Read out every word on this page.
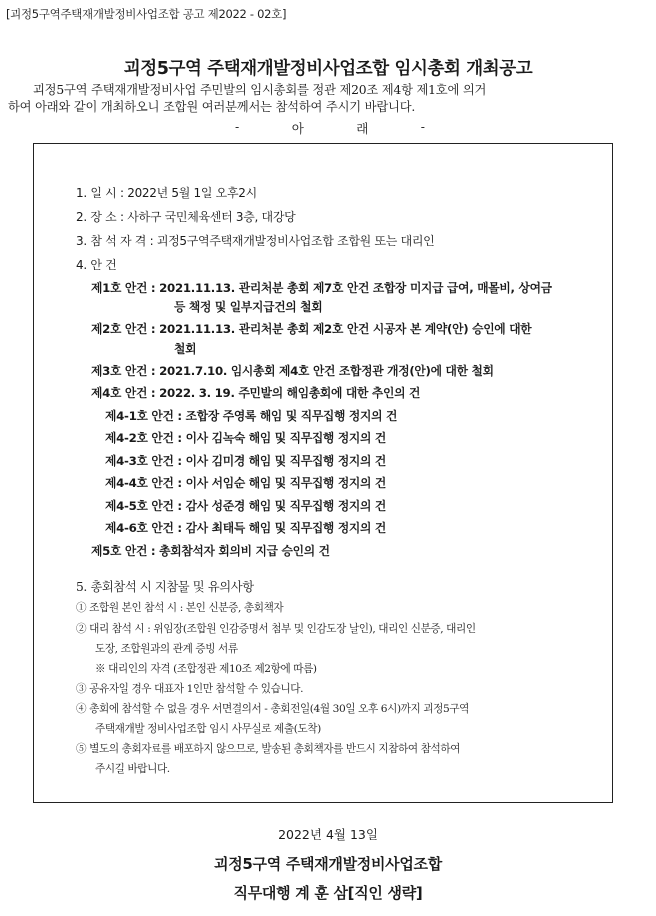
[괴정5구역주택재개발정비사업조합 공고 제2022 - 02호]
괴정5구역 주택재개발정비사업조합 임시총회 개최공고
괴정5구역 주택재개발정비사업 주민발의 임시총회를 정관 제20조 제4항 제1호에 의거
하여 아래와 같이 개최하오니 조합원 여러분께서는 참석하여 주시기 바랍니다.
-	아	래	-
1. 일 시 : 2022년 5월 1일 오후2시
2. 장 소 : 사하구 국민체육센터 3층, 대강당
3. 참 석 자 격 : 괴정5구역주택재개발정비사업조합 조합원 또는 대리인
4. 안 건
제1호 안건 : 2021.11.13. 관리처분 총회 제7호 안건 조합장 미지급 급여, 매몰비, 상여금
등 책정 및 일부지급건의 철회
제2호 안건 : 2021.11.13. 관리처분 총회 제2호 안건 시공자 본 계약(안) 승인에 대한
철회
제3호 안건 : 2021.7.10. 임시총회 제4호 안건 조합정관 개정(안)에 대한 철회
제4호 안건 : 2022. 3. 19. 주민발의 해임총회에 대한 추인의 건
제4-1호 안건 : 조합장 주영록 해임 및 직무집행 정지의 건
제4-2호 안건 : 이사 김녹숙 해임 및 직무집행 정지의 건
제4-3호 안건 : 이사 김미경 해임 및 직무집행 정지의 건
제4-4호 안건 : 이사 서임순 해임 및 직무집행 정지의 건
제4-5호 안건 : 감사 성준경 해임 및 직무집행 정지의 건
제4-6호 안건 : 감사 최태득 해임 및 직무집행 정지의 건
제5호 안건 : 총회참석자 회의비 지급 승인의 건
5. 총회참석 시 지참물 및 유의사항
① 조합원 본인 참석 시 : 본인 신분증, 총회책자
② 대리 참석 시 : 위임장(조합원 인감증명서 첨부 및 인감도장 날인), 대리인 신분증, 대리인
도장, 조합원과의 관계 증빙 서류
※ 대리인의 자격 (조합정관 제10조 제2항에 따름)
③ 공유자일 경우 대표자 1인만 참석할 수 있습니다.
④ 총회에 참석할 수 없을 경우 서면결의서 - 총회전일(4월 30일 오후 6시)까지 괴정5구역
주택재개발 정비사업조합 임시 사무실로 제출(도착)
⑤ 별도의 총회자료를 배포하지 않으므로, 발송된 총회책자를 반드시 지참하여 참석하여
주시길 바랍니다.
2022년 4월 13일
괴정5구역 주택재개발정비사업조합
직무대행 계 훈 삼[직인 생략]
